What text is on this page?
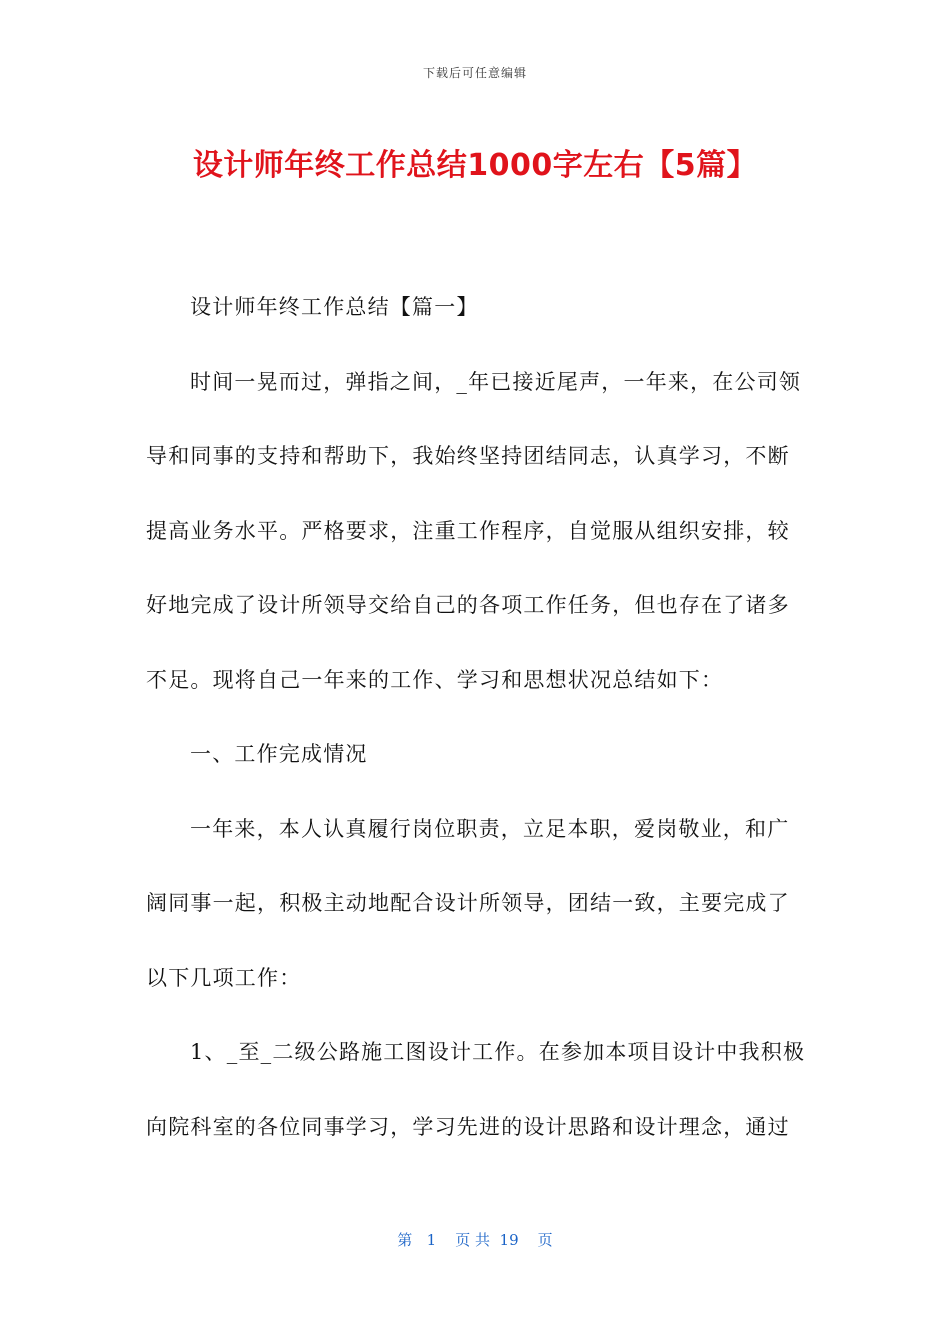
下载后可任意编辑
设计师年终工作总结1000字左右【5篇】

设计师年终工作总结【篇一】

时间一晃而过，弹指之间，_年已接近尾声，一年来，在公司领

导和同事的支持和帮助下，我始终坚持团结同志，认真学习，不断

提高业务水平。严格要求，注重工作程序，自觉服从组织安排，较

好地完成了设计所领导交给自己的各项工作任务，但也存在了诸多

不足。现将自己一年来的工作、学习和思想状况总结如下：

一、工作完成情况

一年来，本人认真履行岗位职责，立足本职，爱岗敬业，和广

阔同事一起，积极主动地配合设计所领导，团结一致，主要完成了

以下几项工作：

1、_至_二级公路施工图设计工作。在参加本项目设计中我积极

向院科室的各位同事学习，学习先进的设计思路和设计理念，通过

第   1    页 共  19    页
